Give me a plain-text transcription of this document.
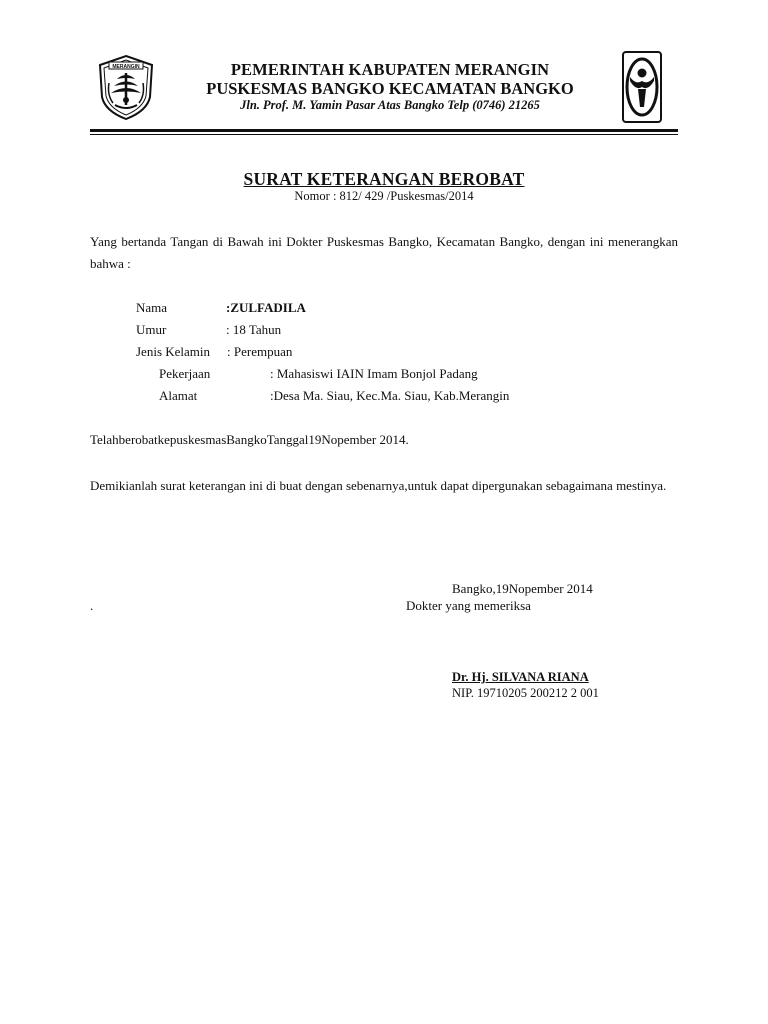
MERANGIN	PEMERINTAH KABUPATEN MERANGIN
PUSKESMAS BANGKO KECAMATAN BANGKO
Jln. Prof. M. Yamin Pasar Atas Bangko Telp (0746) 21265
SURAT KETERANGAN BEROBAT
Nomor : 812/ 429 /Puskesmas/2014
Yang bertanda Tangan di Bawah ini Dokter Puskesmas Bangko, Kecamatan Bangko, dengan ini menerangkan bahwa :
Nama	:ZULFADILA
Umur	: 18 Tahun
Jenis Kelamin : Perempuan
Pekerjaan	: Mahasiswi IAIN Imam Bonjol Padang
Alamat	:Desa Ma. Siau, Kec.Ma. Siau, Kab.Merangin
TelahberobatkepuskesmasBangkoTanggal19Nopember 2014.
Demikianlah surat keterangan ini di buat dengan sebenarnya,untuk dapat dipergunakan sebagaimana mestinya.
Bangko,19Nopember 2014
.	Dokter yang memeriksa
Dr. Hj. SILVANA RIANA
NIP. 19710205 200212 2 001
